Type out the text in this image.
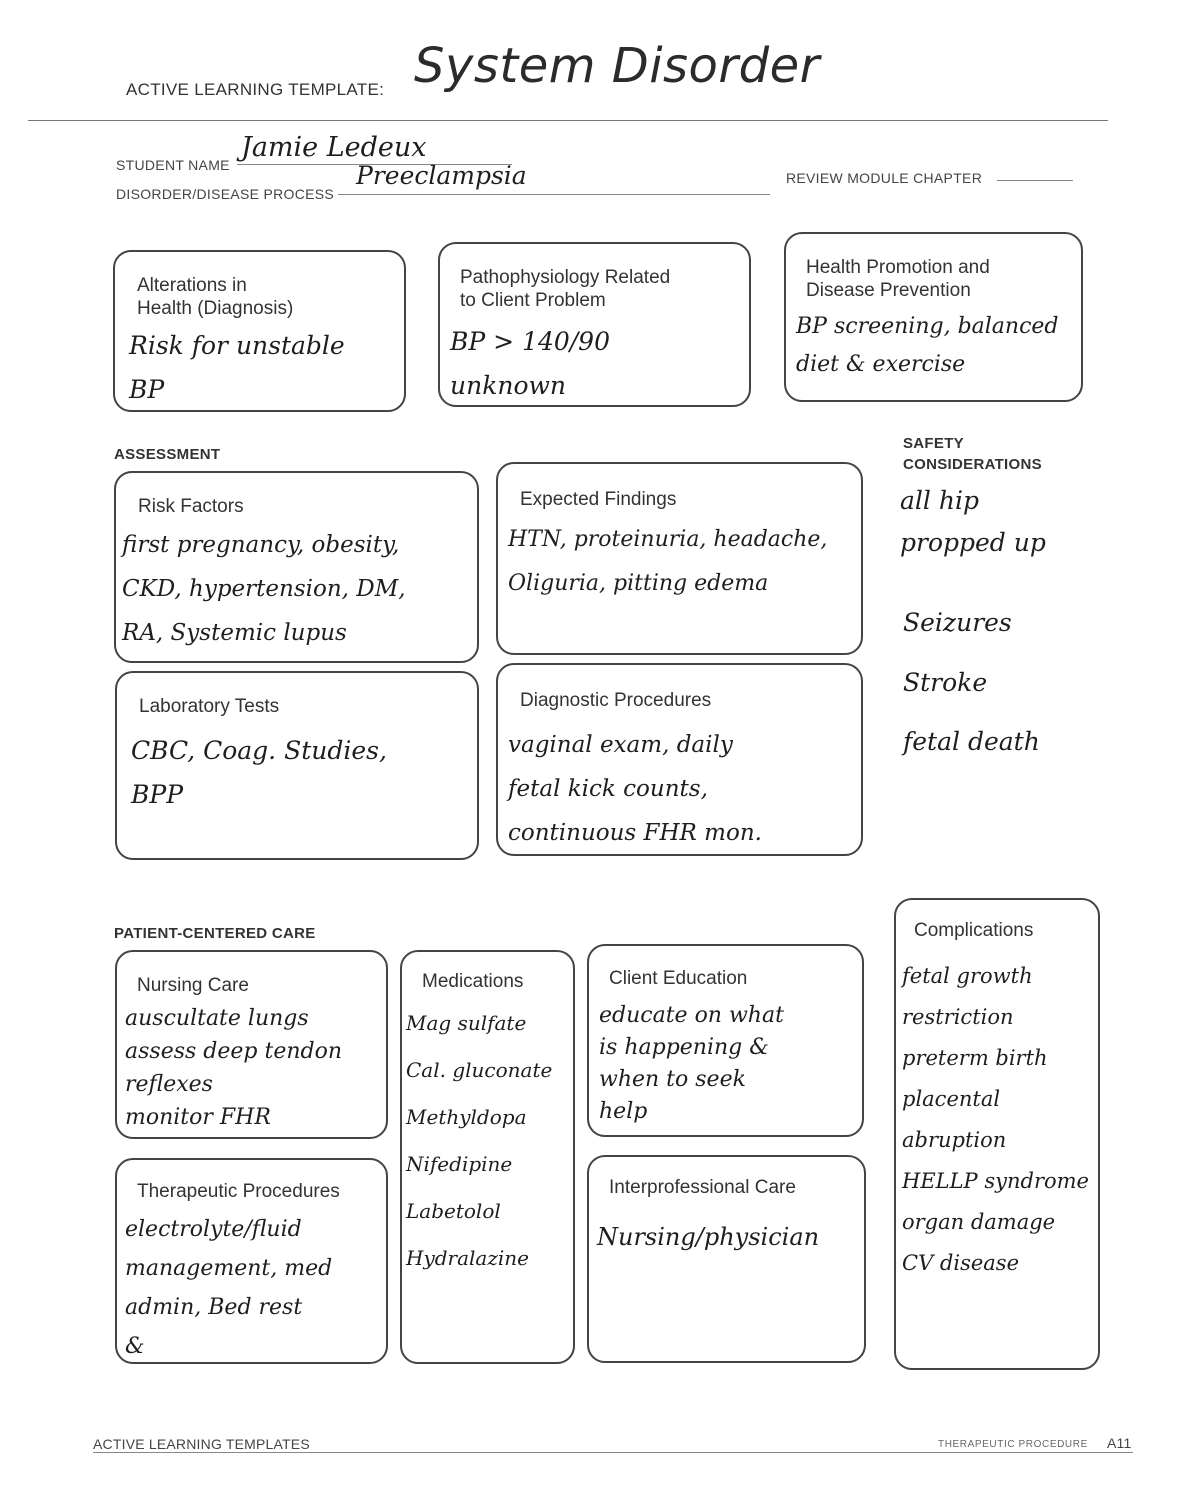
ACTIVE LEARNING TEMPLATE: System Disorder
STUDENT NAME
Jamie Ledeux
DISORDER/DISEASE PROCESS
Preeclampsia	REVIEW MODULE CHAPTER
Alterations in
Health (Diagnosis)
Risk for unstable
BP
Pathophysiology Related
to Client Problem
BP > 140/90
unknown
Health Promotion and
Disease Prevention
BP screening, balanced
diet & exercise
ASSESSMENT
Risk Factors
first pregnancy, obesity,
CKD, hypertension, DM,
RA, Systemic lupus
Expected Findings
HTN, proteinuria, headache,
Oliguria, pitting edema
Laboratory Tests
CBC, Coag. Studies,
BPP
Diagnostic Procedures
vaginal exam, daily
fetal kick counts,
continuous FHR mon.
SAFETY
CONSIDERATIONS
all hip
propped up
Seizures
Stroke
fetal death
PATIENT-CENTERED CARE
Nursing Care
auscultate lungs
assess deep tendon
reflexes
monitor FHR
Medications
Mag sulfate
Cal. gluconate
Methyldopa
Nifedipine
Labetolol
Hydralazine
Client Education
educate on what
is happening &
when to seek
help
Therapeutic Procedures
electrolyte/fluid
management, med
admin, Bed rest
&
Interprofessional Care
Nursing/physician
Complications
fetal growth
restriction
preterm birth
placental
abruption
HELLP syndrome
organ damage
CV disease
ACTIVE LEARNING TEMPLATES	THERAPEUTIC PROCEDURE A11
